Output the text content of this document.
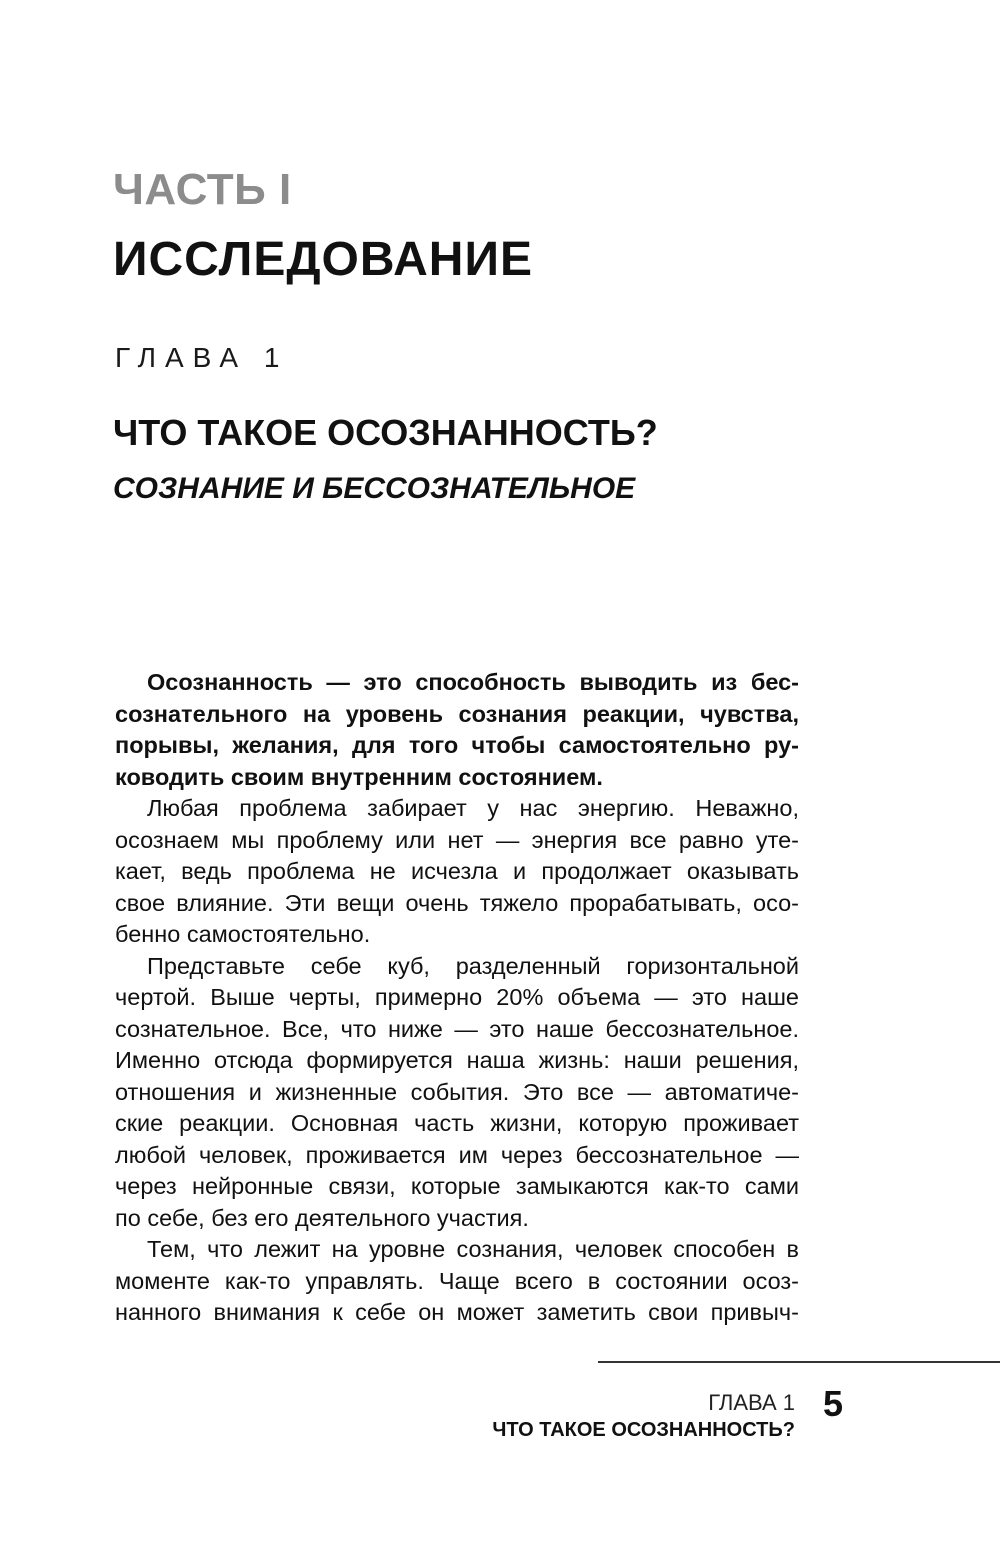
ЧАСТЬ I
ИССЛЕДОВАНИЕ
ГЛАВА 1
ЧТО ТАКОЕ ОСОЗНАННОСТЬ?
СОЗНАНИЕ И БЕССОЗНАТЕЛЬНОЕ
Осознанность — это способность выводить из бес-
сознательного на уровень сознания реакции, чувства,
порывы, желания, для того чтобы самостоятельно ру-
ководить своим внутренним состоянием.
Любая проблема забирает у нас энергию. Неважно,
осознаем мы проблему или нет — энергия все равно уте-
кает, ведь проблема не исчезла и продолжает оказывать
свое влияние. Эти вещи очень тяжело прорабатывать, осо-
бенно самостоятельно.
Представьте себе куб, разделенный горизонтальной
чертой. Выше черты, примерно 20% объема — это наше
сознательное. Все, что ниже — это наше бессознательное.
Именно отсюда формируется наша жизнь: наши решения,
отношения и жизненные события. Это все — автоматиче-
ские реакции. Основная часть жизни, которую проживает
любой человек, проживается им через бессознательное —
через нейронные связи, которые замыкаются как-то сами
по себе, без его деятельного участия.
Тем, что лежит на уровне сознания, человек способен в
моменте как-то управлять. Чаще всего в состоянии осоз-
нанного внимания к себе он может заметить свои привыч-
ГЛАВА 1
ЧТО ТАКОЕ ОСОЗНАННОСТЬ?
5
